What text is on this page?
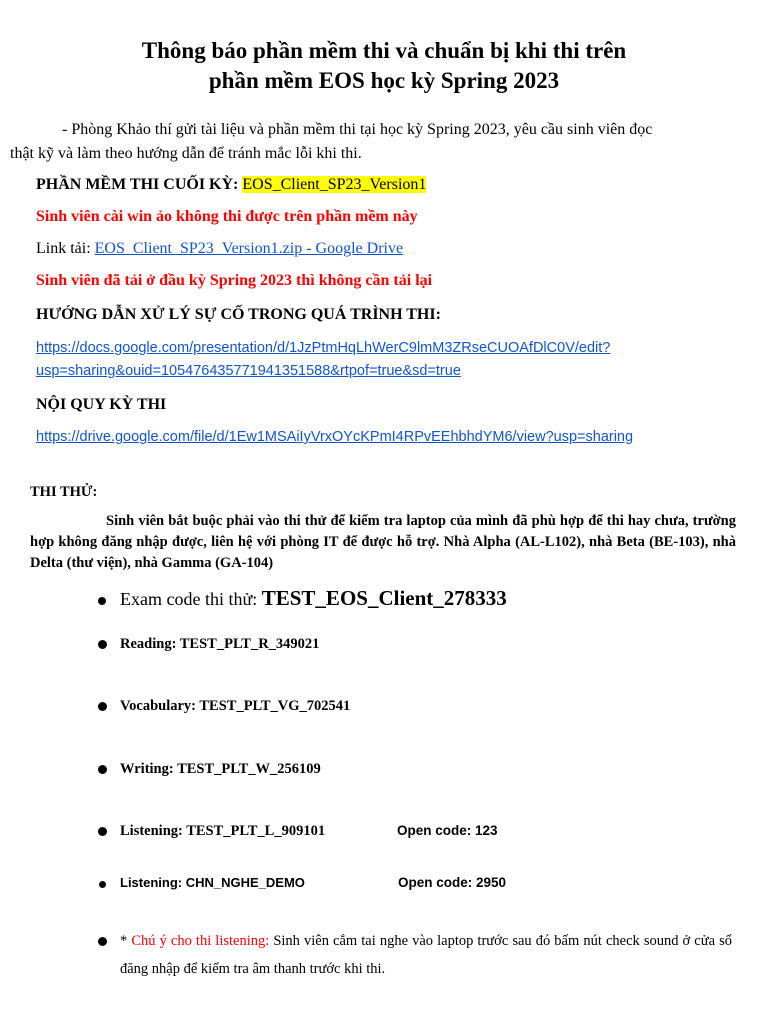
Thông báo phần mềm thi và chuẩn bị khi thi trên
phần mềm EOS học kỳ Spring 2023
- Phòng Khảo thí gửi tài liệu và phần mềm thi tại học kỳ Spring 2023, yêu cầu sinh viên đọc
thật kỹ và làm theo hướng dẫn để tránh mắc lỗi khi thi.
PHẦN MỀM THI CUỐI KỲ: EOS_Client_SP23_Version1
Sinh viên cài win ảo không thi được trên phần mềm này
Link tải: EOS_Client_SP23_Version1.zip - Google Drive
Sinh viên đã tải ở đầu kỳ Spring 2023 thì không cần tải lại
HƯỚNG DẪN XỬ LÝ SỰ CỐ TRONG QUÁ TRÌNH THI:
https://docs.google.com/presentation/d/1JzPtmHqLhWerC9lmM3ZRseCUOAfDlC0V/edit?
usp=sharing&ouid=105476435771941351588&rtpof=true&sd=true
NỘI QUY KỲ THI
https://drive.google.com/file/d/1Ew1MSAiIyVrxOYcKPmI4RPvEEhbhdYM6/view?usp=sharing
THI THỬ:
Sinh viên bắt buộc phải vào thi thử để kiểm tra laptop của mình đã phù hợp để thi hay chưa, trường hợp không đăng nhập được, liên hệ với phòng IT để được hỗ trợ. Nhà Alpha (AL-L102), nhà Beta (BE-103), nhà Delta (thư viện), nhà Gamma (GA-104)
Exam code thi thử: TEST_EOS_Client_278333
Reading: TEST_PLT_R_349021
Vocabulary: TEST_PLT_VG_702541
Writing: TEST_PLT_W_256109
Listening: TEST_PLT_L_909101	Open code: 123
Listening: CHN_NGHE_DEMO	Open code: 2950
* Chú ý cho thi listening: Sinh viên cắm tai nghe vào laptop trước sau đó bấm nút check sound ở cửa sổ đăng nhập để kiểm tra âm thanh trước khi thi.
